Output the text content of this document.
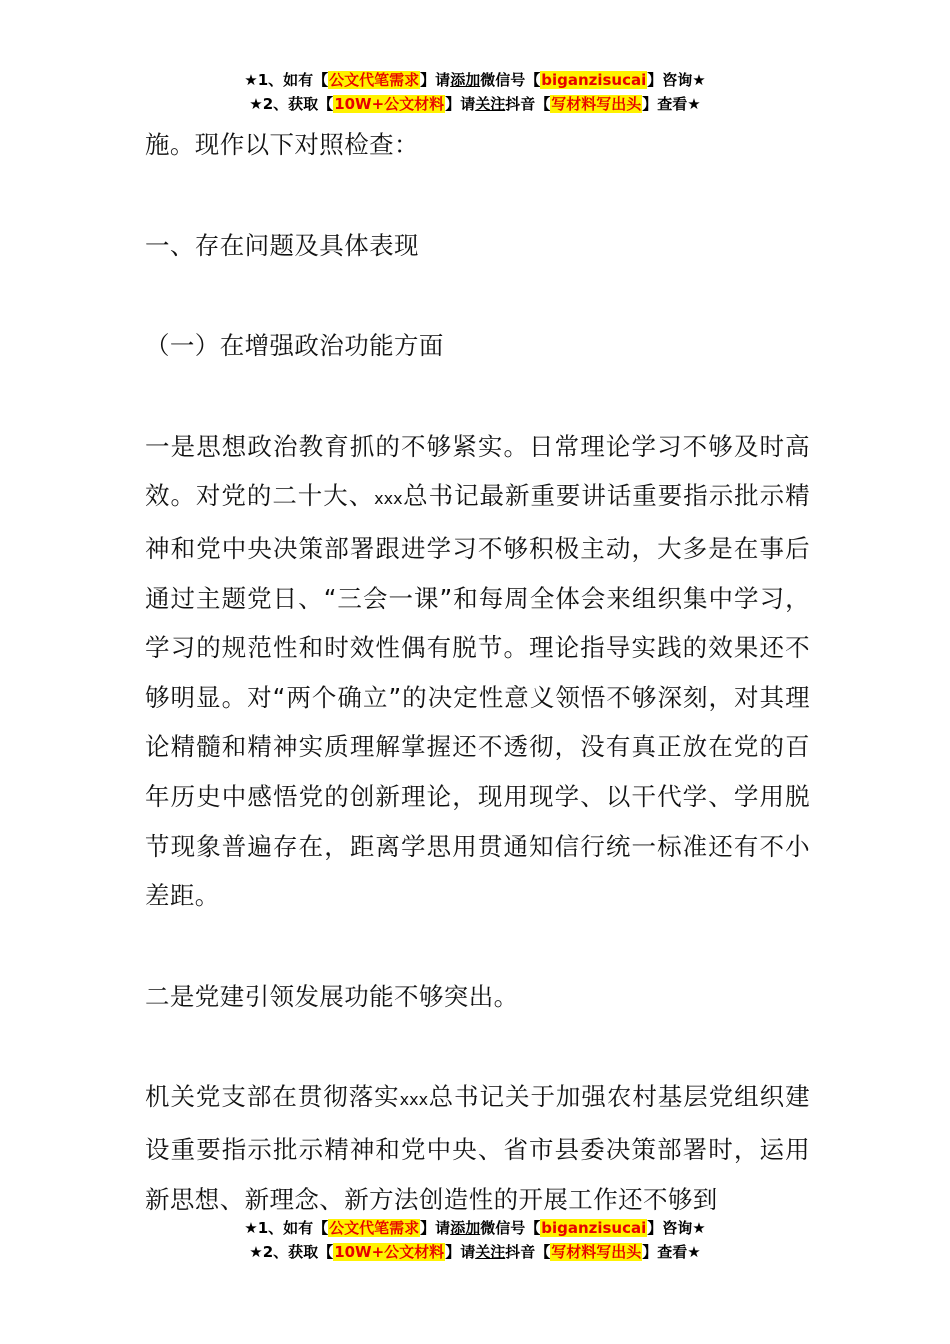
★1、如有【公文代笔需求】请添加微信号【biganzisucai】咨询★
★2、获取【10W+公文材料】请关注抖音【写材料写出头】查看★

施。现作以下对照检查：

一、存在问题及具体表现

（一）在增强政治功能方面

一是思想政治教育抓的不够紧实。日常理论学习不够及时高效。对党的二十大、xxx总书记最新重要讲话重要指示批示精神和党中央决策部署跟进学习不够积极主动，大多是在事后通过主题党日、“三会一课”和每周全体会来组织集中学习，学习的规范性和时效性偶有脱节。理论指导实践的效果还不够明显。对“两个确立”的决定性意义领悟不够深刻，对其理论精髓和精神实质理解掌握还不透彻，没有真正放在党的百年历史中感悟党的创新理论，现用现学、以干代学、学用脱节现象普遍存在，距离学思用贯通知信行统一标准还有不小差距。

二是党建引领发展功能不够突出。

机关党支部在贯彻落实xxx总书记关于加强农村基层党组织建设重要指示批示精神和党中央、省市县委决策部署时，运用新思想、新理念、新方法创造性的开展工作还不够到

★1、如有【公文代笔需求】请添加微信号【biganzisucai】咨询★
★2、获取【10W+公文材料】请关注抖音【写材料写出头】查看★
